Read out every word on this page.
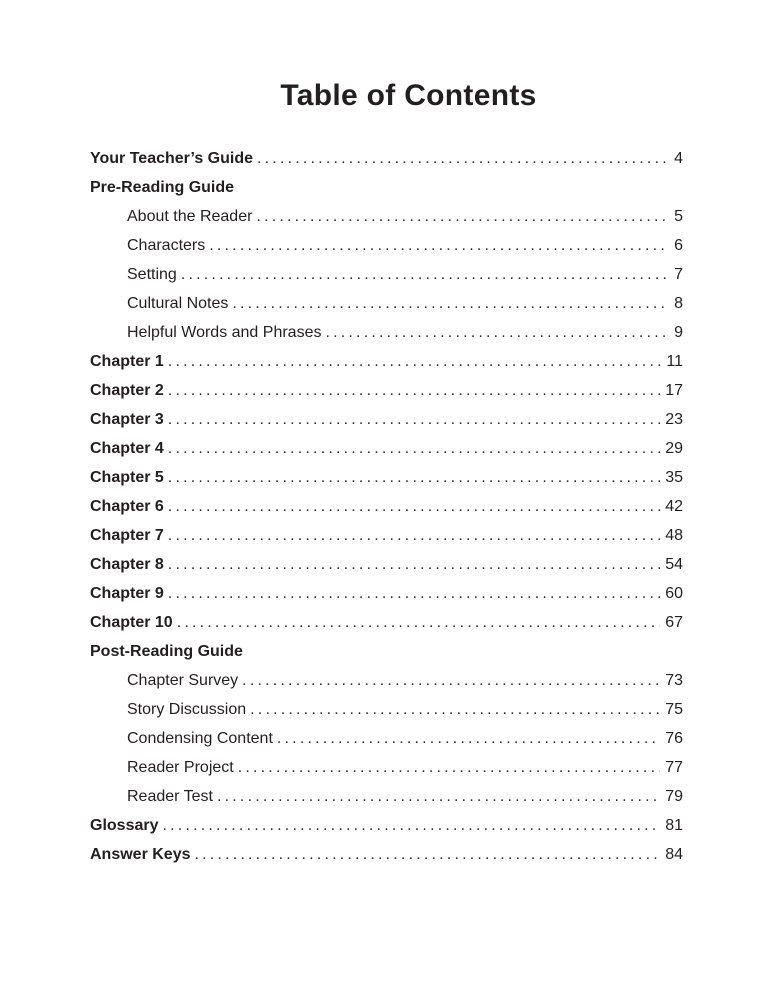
Table of Contents
Your Teacher’s Guide .....	4
Pre-Reading Guide
About the Reader .....	5
Characters .....	6
Setting .....	7
Cultural Notes .....	8
Helpful Words and Phrases .....	9
Chapter 1 .....	11
Chapter 2 .....	17
Chapter 3 .....	23
Chapter 4 .....	29
Chapter 5 .....	35
Chapter 6 .....	42
Chapter 7 .....	48
Chapter 8 .....	54
Chapter 9 .....	60
Chapter 10 .....	67
Post-Reading Guide
Chapter Survey .....	73
Story Discussion .....	75
Condensing Content .....	76
Reader Project .....	77
Reader Test .....	79
Glossary .....	81
Answer Keys .....	84
